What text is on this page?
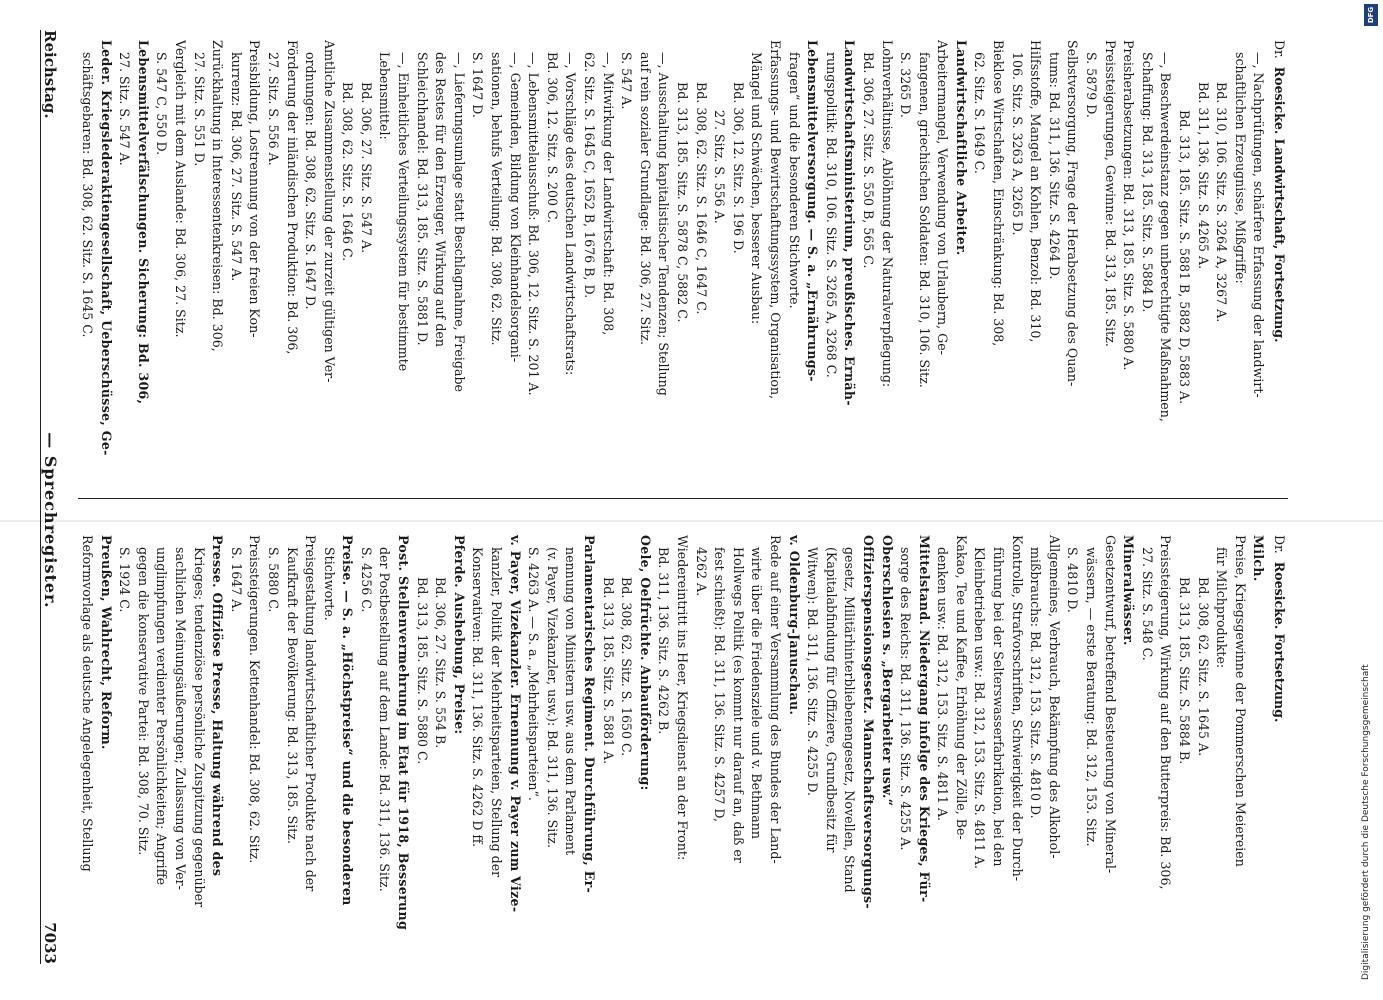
Reichstag.
— Sprechregister.
7033
Dr.Roesicke. Landwirtschaft, Fortsetzung.
—, Nachprüfungen, schärfere Erfassung der landwirt-
schaftlichen Erzeugnisse, Mißgriffe:
Bd. 310, 106. Sitz. S. 3264 A, 3267 A.
Bd. 311, 136. Sitz. S. 4265 A.
Bd. 313, 185. Sitz. S. 5881 B, 5882 D, 5883 A.
—, Beschwerdeinstanz gegen unberechtigte Maßnahmen,
Schaffung: Bd. 313, 185. Sitz. S. 5884 D.
Preisherabsetzungen: Bd. 313, 185. Sitz. S. 5880 A.
Preissteigerungen, Gewinne: Bd. 313, 185. Sitz.
S. 5879 D.
Selbstversorgung, Frage der Herabsetzung des Quan-
tums: Bd. 311, 136. Sitz. S. 4264 D.
Hilfsstoffe, Mangel an Kohlen, Benzol: Bd. 310,
106. Sitz. S. 3263 A, 3265 D.
Bieklose Wirtschaften, Einschränkung: Bd. 308,
62. Sitz. S. 1649 C.
Landwirtschaftliche Arbeiter.
Arbeitermangel, Verwendung von Urlaubern, Ge-
fangenen, griechischen Soldaten: Bd. 310, 106. Sitz.
S. 3265 D.
Lohnverhältnisse, Ablöhnung der Naturalverpflegung:
Bd. 306, 27. Sitz. S. 550 B, 565 C.
Landwirtschaftsministerium, preußisches. Ernäh-
rungspolitik: Bd. 310, 106. Sitz. S. 3265 A, 3268 C.
Lebensmittelversorgung. — S. a. „Ernährungs-
fragen“ und die besonderen Stichworte.
Erfassungs- und Bewirtschaftungssystem, Organisation,
Mängel und Schwächen, besserer Ausbau:
Bd. 306, 12. Sitz. S. 196 D.
27. Sitz. S. 556 A.
Bd. 308, 62. Sitz. S. 1646 C, 1647 C.
Bd. 313, 185. Sitz. S. 5878 C, 5882 C.
—, Ausschaltung kapitalistischer Tendenzen; Stellung
auf rein sozialer Grundlage: Bd. 306, 27. Sitz.
S. 547 A.
—, Mitwirkung der Landwirtschaft: Bd. 308,
62. Sitz. S. 1645 C, 1652 B, 1676 B, D.
—, Vorschläge des deutschen Landwirtschaftsrats:
Bd. 306, 12. Sitz. S. 200 C.
—, Lebensmittelausschuß: Bd. 306, 12. Sitz. S. 201 A.
—, Gemeinden, Bildung von Kleinhandelsorgani-
sationen, behufs Verteilung: Bd. 308, 62. Sitz.
S. 1647 D.
—, Lieferungsumlage statt Beschlagnahme, Freigabe
des Restes für den Erzeuger, Wirkung auf den
Schleichhandel: Bd. 313, 185. Sitz. S. 5881 D.
—, Einheitliches Verteilungssystem für bestimmte
Lebensmittel:
Bd. 306, 27. Sitz. S. 547 A.
Bd. 308, 62. Sitz. S. 1646 C.
Amtliche Zusammenstellung der zurzeit gültigen Ver-
ordnungen: Bd. 308, 62. Sitz. S. 1647 D.
Förderung der inländischen Produktion: Bd. 306,
27. Sitz. S. 556 A.
Preisbildung, Lostrennung von der freien Kon-
kurrenz: Bd. 306, 27. Sitz. S. 547 A.
Zurückhaltung in Interessentenkreisen: Bd. 306,
27. Sitz. S. 551 D.
Vergleich mit dem Auslande: Bd. 306, 27. Sitz.
S. 547 C, 550 D.
Lebensmittelverfälschungen. Sicherung: Bd. 306,
27. Sitz. S. 547 A.
Leder. Kriegslederaktiengesellschaft, Ueberschüsse, Ge-
schäftsgebaren: Bd. 308, 62. Sitz. S. 1645 C.
Dr.Roesicke. Fortsetzung.
Milch.
Preise, Kriegsgewinne der Pommerschen Meiereien
für Milchprodukte:
Bd. 308, 62. Sitz. S. 1645 A.
Bd. 313, 185. Sitz. S. 5884 B.
Preissteigerung, Wirkung auf den Butterpreis: Bd. 306,
27. Sitz. S. 548 C.
Mineralwässer.
Gesetzentwurf, betreffend Besteuerung von Mineral-
wässern, — erste Beratung: Bd. 312, 153. Sitz.
S. 4810 D.
Allgemeines, Verbrauch, Bekämpfung des Alkohol-
mißbrauchs: Bd. 312, 153. Sitz. S. 4810 D.
Kontrolle, Strafvorschriften, Schwierigkeit der Durch-
führung bei der Selterswasserfabrikation, bei den
Kleinbetrieben usw.: Bd. 312, 153. Sitz. S. 4811 A.
Kakao, Tee und Kaffee, Erhöhung der Zölle, Be-
denken usw.: Bd. 312, 153. Sitz. S. 4811 A.
Mittelstand. Niedergang infolge des Krieges, Für-
sorge des Reichs: Bd. 311, 136. Sitz. S. 4255 A.
Oberschlesien s. „Bergarbeiter usw.“
Offizierspensionsgesetz. Mannschaftsversorgungs-
gesetz, Militärhinterbliebenengesetz, Novellen, Stand
(Kapitalabfindung für Offiziere, Grundbesitz für
Witwen): Bd. 311, 136. Sitz. S. 4255 D.
v. Oldenburg-Januschau.
Rede auf einer Versammlung des Bundes der Land-
wirte über die Friedensziele und v. Bethmann
Hollwegs Politik (es kommt nur darauf an, daß er
fest schießt): Bd. 311, 136. Sitz. S. 4257 D,
4262 A.
Wiedereintritt ins Heer, Kriegsdienst an der Front:
Bd. 311, 136. Sitz. S. 4262 B.
Oele, Oelfrüchte. Anbauförderung:
Bd. 308, 62. Sitz. S. 1650 C.
Bd. 313, 185. Sitz. S. 5881 A.
Parlamentarisches Regiment. Durchführung, Er-
nennung von Ministern usw. aus dem Parlament
(v. Payer, Vizekanzler, usw.): Bd. 311, 136. Sitz.
S. 4263 A. — S. a. „Mehrheitsparteien“.
v. Payer, Vizekanzler. Ernennung v. Payer zum Vize-
kanzler, Politik der Mehrheitsparteien, Stellung der
Konservativen: Bd. 311, 136. Sitz. S. 4262 D ff.
Pferde. Aushebung, Preise:
Bd. 306, 27. Sitz. S. 554 B.
Bd. 313, 185. Sitz. S. 5880 C.
Post. Stellenvermehrung im Etat für 1918, Besserung
der Postbestellung auf dem Lande: Bd. 311, 136. Sitz.
S. 4256 C.
Preise. — S. a. „Höchstpreise“ und die besonderen
Stichworte.
Preisgestaltung landwirtschaftlicher Produkte nach der
Kaufkraft der Bevölkerung: Bd. 313, 185. Sitz.
S. 5880 C.
Preissteigerungen. Kettenhandel: Bd. 308, 62. Sitz.
S. 1647 A.
Presse. Offiziöse Presse, Haltung während des
Krieges; tendenziöse persönliche Zuspitzung gegenüber
sachlichen Meinungsäußerungen; Zulassung von Ver-
unglimpfungen verdienter Persönlichkeiten; Angriffe
gegen die konservative Partei: Bd. 308, 70. Sitz.
S. 1924 C.
Preußen, Wahlrecht, Reform.
Reformvorlage als deutsche Angelegenheit, Stellung
DFG
Digitalisierung gefördert durch die Deutsche Forschungsgemeinschaft
